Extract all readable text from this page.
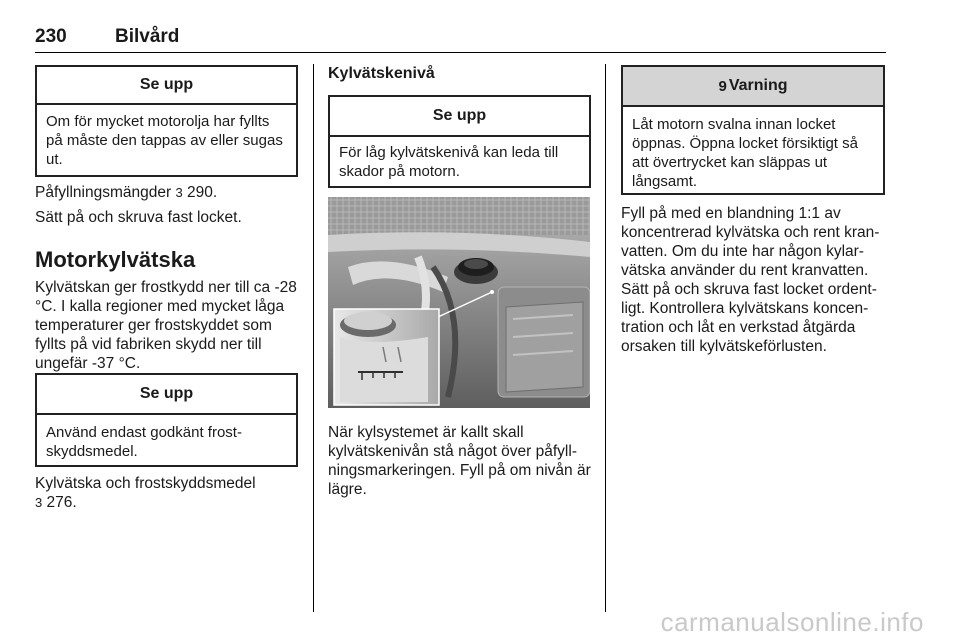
230	Bilvård
Se upp
Om för mycket motorolja har fyllts på måste den tappas av eller sugas ut.
Påfyllningsmängder 3 290.
Sätt på och skruva fast locket.
Motorkylvätska
Kylvätskan ger frostkydd ner till ca -28 °C. I kalla regioner med mycket låga temperaturer ger frostskyddet som fyllts på vid fabriken skydd ner till ungefär -37 °C.
Se upp
Använd endast godkänt frost-skyddsmedel.
Kylvätska och frostskyddsmedel
3 276.
Kylvätskenivå
Se upp
För låg kylvätskenivå kan leda till skador på motorn.
När kylsystemet är kallt skall kylvätskenivån stå något över påfyll-ningsmarkeringen. Fyll på om nivån är lägre.
9 Varning
Låt motorn svalna innan locket öppnas. Öppna locket försiktigt så att övertrycket kan släppas ut långsamt.
Fyll på med en blandning 1:1 av koncentrerad kylvätska och rent kran-vatten. Om du inte har någon kylar-vätska använder du rent kranvatten. Sätt på och skruva fast locket ordent-ligt. Kontrollera kylvätskans koncen-tration och låt en verkstad åtgärda orsaken till kylvätskeförlusten.
carmanualsonline.info
